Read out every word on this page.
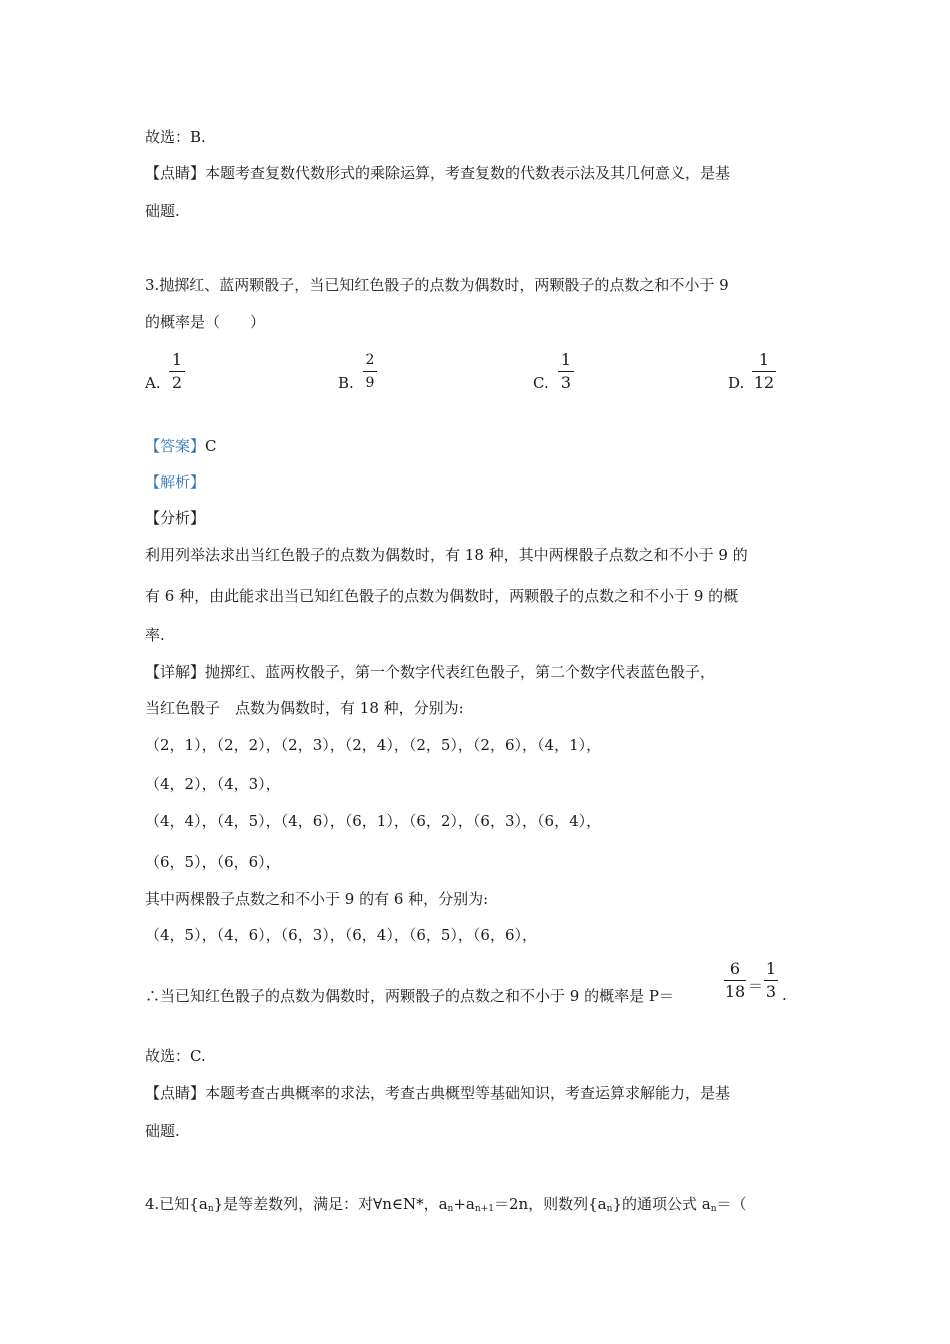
故选：B.
【点睛】本题考查复数代数形式的乘除运算，考查复数的代数表示法及其几何意义，是基
础题.
3.抛掷红、蓝两颗骰子，当已知红色骰子的点数为偶数时，两颗骰子的点数之和不小于 9
的概率是（　　）
A.
1
2	B.
2
9	C.
1
3	D.
1
12
【答案】C
【解析】
【分析】
利用列举法求出当红色骰子的点数为偶数时，有 18 种，其中两棵骰子点数之和不小于 9 的
有 6 种，由此能求出当已知红色骰子的点数为偶数时，两颗骰子的点数之和不小于 9 的概
率.
【详解】抛掷红、蓝两枚骰子，第一个数字代表红色骰子，第二个数字代表蓝色骰子，
当红色骰子　点数为偶数时，有 18 种，分别为:
（2，1），（2，2），（2，3），（2，4），（2，5），（2，6），（4，1），
（4，2），（4，3），
（4，4），（4，5），（4，6），（6，1），（6，2），（6，3），（6，4），
（6，5），（6，6），
其中两棵骰子点数之和不小于 9 的有 6 种，分别为:
（4，5），（4，6），（6，3），（6，4），（6，5），（6，6），
∴当已知红色骰子的点数为偶数时，两颗骰子的点数之和不小于 9 的概率是 P＝
6
18 ＝
1
3 .
故选：C.
【点睛】本题考查古典概率的求法，考查古典概型等基础知识，考查运算求解能力，是基
础题.
4.已知$\{a_n\}$是等差数列，满足：对∀n∈N*，$a_n+a_{n+1}=2n$，则数列$\{a_n\}$的通项公式 $a_n=$（
